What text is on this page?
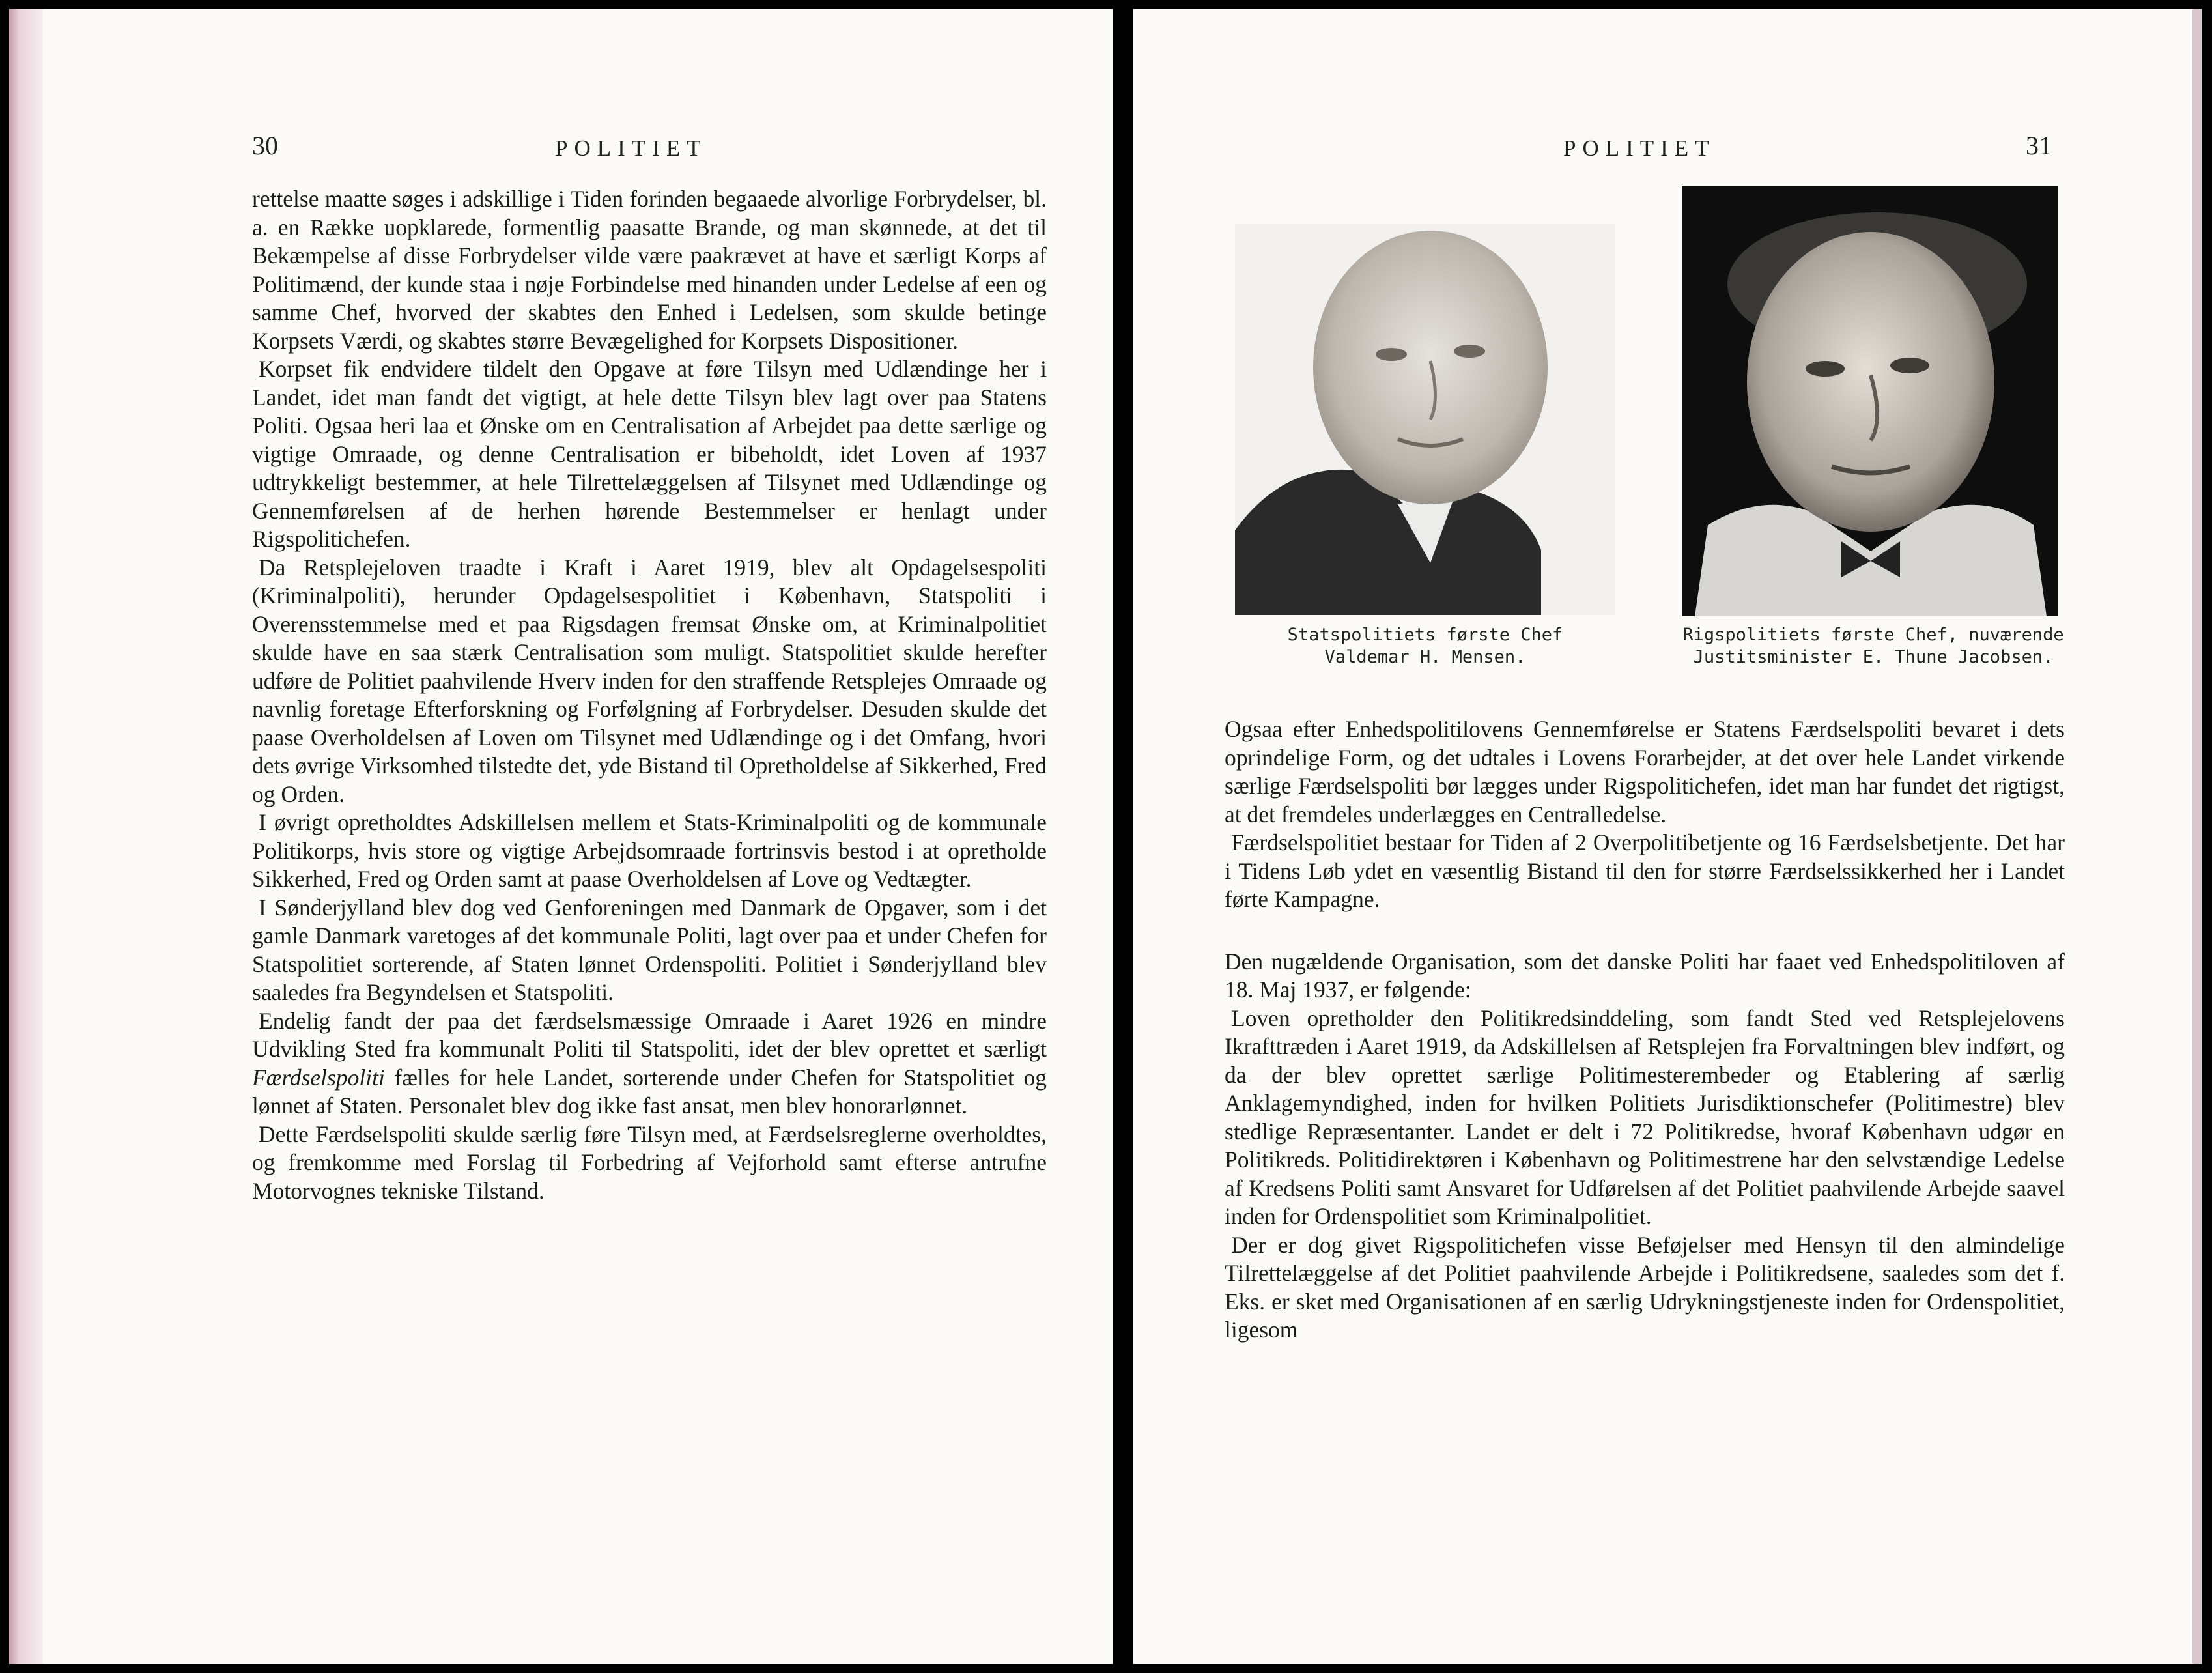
30	POLITIET

rettelse maatte søges i adskillige i Tiden forinden begaaede alvorlige Forbrydelser, bl. a. en Række uopklarede, formentlig paasatte Brande, og man skønnede, at det til Bekæmpelse af disse Forbrydelser vilde være paakrævet at have et særligt Korps af Politimænd, der kunde staa i nøje Forbindelse med hinanden under Ledelse af een og samme Chef, hvorved der skabtes den Enhed i Ledelsen, som skulde betinge Korpsets Værdi, og skabtes større Bevægelighed for Korpsets Dispositioner.

Korpset fik endvidere tildelt den Opgave at føre Tilsyn med Udlændinge her i Landet, idet man fandt det vigtigt, at hele dette Tilsyn blev lagt over paa Statens Politi. Ogsaa heri laa et Ønske om en Centralisation af Arbejdet paa dette særlige og vigtige Omraade, og denne Centralisation er bibeholdt, idet Loven af 1937 udtrykkeligt bestemmer, at hele Tilrettelæggelsen af Tilsynet med Udlændinge og Gennemførelsen af de herhen hørende Bestemmelser er henlagt under Rigspolitichefen.

Da Retsplejeloven traadte i Kraft i Aaret 1919, blev alt Opdagelsespoliti (Kriminalpoliti), herunder Opdagelsespolitiet i København, Statspoliti i Overensstemmelse med et paa Rigsdagen fremsat Ønske om, at Kriminalpolitiet skulde have en saa stærk Centralisation som muligt. Statspolitiet skulde herefter udføre de Politiet paahvilende Hverv inden for den straffende Retsplejes Omraade og navnlig foretage Efterforskning og Forfølgning af Forbrydelser. Desuden skulde det paase Overholdelsen af Loven om Tilsynet med Udlændinge og i det Omfang, hvori dets øvrige Virksomhed tilstedte det, yde Bistand til Opretholdelse af Sikkerhed, Fred og Orden.

I øvrigt opretholdtes Adskillelsen mellem et Stats-Kriminalpoliti og de kommunale Politikorps, hvis store og vigtige Arbejdsomraade fortrinsvis bestod i at opretholde Sikkerhed, Fred og Orden samt at paase Overholdelsen af Love og Vedtægter.

I Sønderjylland blev dog ved Genforeningen med Danmark de Opgaver, som i det gamle Danmark varetoges af det kommunale Politi, lagt over paa et under Chefen for Statspolitiet sorterende, af Staten lønnet Ordenspoliti. Politiet i Sønderjylland blev saaledes fra Begyndelsen et Statspoliti.

Endelig fandt der paa det færdselsmæssige Omraade i Aaret 1926 en mindre Udvikling Sted fra kommunalt Politi til Statspoliti, idet der blev oprettet et særligt Færdselspoliti fælles for hele Landet, sorterende under Chefen for Statspolitiet og lønnet af Staten. Personalet blev dog ikke fast ansat, men blev honorarlønnet.

Dette Færdselspoliti skulde særlig føre Tilsyn med, at Færdselsreglerne overholdtes, og fremkomme med Forslag til Forbedring af Vejforhold samt efterse antrufne Motorvognes tekniske Tilstand.

POLITIET	31
Statspolitiets første Chef
Valdemar H. Mensen.
Rigspolitiets første Chef, nuværende
Justitsminister E. Thune Jacobsen.

Ogsaa efter Enhedspolitilovens Gennemførelse er Statens Færdselspoliti bevaret i dets oprindelige Form, og det udtales i Lovens Forarbejder, at det over hele Landet virkende særlige Færdselspoliti bør lægges under Rigspolitichefen, idet man har fundet det rigtigst, at det fremdeles underlægges en Centralledelse.

Færdselspolitiet bestaar for Tiden af 2 Overpolitibetjente og 16 Færdselsbetjente. Det har i Tidens Løb ydet en væsentlig Bistand til den for større Færdselssikkerhed her i Landet førte Kampagne.

Den nugældende Organisation, som det danske Politi har faaet ved Enhedspolitiloven af 18. Maj 1937, er følgende:

Loven opretholder den Politikredsinddeling, som fandt Sted ved Retsplejelovens Ikrafttræden i Aaret 1919, da Adskillelsen af Retsplejen fra Forvaltningen blev indført, og da der blev oprettet særlige Politimesterembeder og Etablering af særlig Anklagemyndighed, inden for hvilken Politiets Jurisdiktionschefer (Politimestre) blev stedlige Repræsentanter. Landet er delt i 72 Politikredse, hvoraf København udgør en Politikreds. Politidirektøren i København og Politimestrene har den selvstændige Ledelse af Kredsens Politi samt Ansvaret for Udførelsen af det Politiet paahvilende Arbejde saavel inden for Ordenspolitiet som Kriminalpolitiet.

Der er dog givet Rigspolitichefen visse Beføjelser med Hensyn til den almindelige Tilrettelæggelse af det Politiet paahvilende Arbejde i Politikredsene, saaledes som det f. Eks. er sket med Organisationen af en særlig Udrykningstjeneste inden for Ordenspolitiet, ligesom
